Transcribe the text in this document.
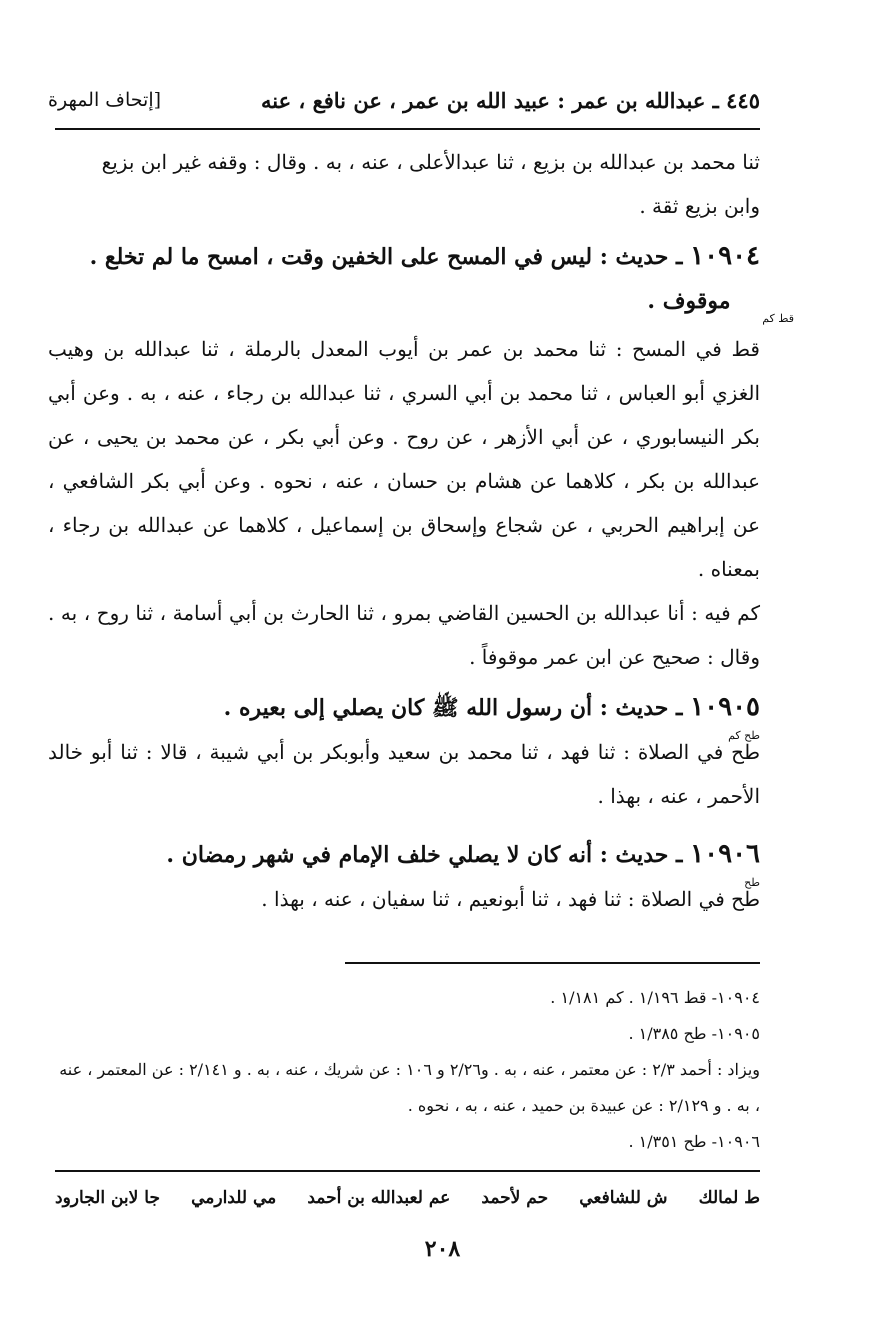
٤٤٥ ـ عبدالله بن عمر : عبيد الله بن عمر ، عن نافع ، عنه
[إتحاف المهرة

ثنا محمد بن عبدالله بن بزيع ، ثنا عبدالأعلى ، عنه ، به . وقال : وقفه غير ابن بزيع
وابن بزيع ثقة .

١٠٩٠٤ ـ حديث : ليس في المسح على الخفين وقت ، امسح ما لم تخلع .
$_{قط كم}$ موقوف .

قط في المسح : ثنا محمد بن عمر بن أيوب المعدل بالرملة ، ثنا عبدالله بن وهيب الغزي أبو العباس ، ثنا محمد بن أبي السري ، ثنا عبدالله بن رجاء ، عنه ، به . وعن أبي بكر النيسابوري ، عن أبي الأزهر ، عن روح . وعن أبي بكر ، عن محمد بن يحيى ، عن عبدالله بن بكر ، كلاهما عن هشام بن حسان ، عنه ، نحوه . وعن أبي بكر الشافعي ، عن إبراهيم الحربي ، عن شجاع وإسحاق بن إسماعيل ، كلاهما عن عبدالله بن رجاء ، بمعناه .

كم فيه : أنا عبدالله بن الحسين القاضي بمرو ، ثنا الحارث بن أبي أسامة ، ثنا روح ، به . وقال : صحيح عن ابن عمر موقوفاً .

١٠٩٠٥ ـ حديث : أن رسول الله ﷺ كان يصلي إلى بعيره .

طح كم
طح في الصلاة : ثنا فهد ، ثنا محمد بن سعيد وأبوبكر بن أبي شيبة ، قالا : ثنا أبو خالد الأحمر ، عنه ، بهذا .

١٠٩٠٦ ـ حديث : أنه كان لا يصلي خلف الإمام في شهر رمضان .

طح
طح في الصلاة : ثنا فهد ، ثنا أبونعيم ، ثنا سفيان ، عنه ، بهذا .

١٠٩٠٤- قط ١/١٩٦ . كم ١/١٨١ .

١٠٩٠٥- طح ١/٣٨٥ .

ويزاد : أحمد ٢/٣ : عن معتمر ، عنه ، به . و٢/٢٦ و ١٠٦ : عن شريك ، عنه ، به . و ٢/١٤١ : عن المعتمر ، عنه ، به . و ٢/١٢٩ : عن عبيدة بن حميد ، عنه ، به ، نحوه .

١٠٩٠٦- طح ١/٣٥١ .

ط لمالك
ش للشافعي
حم لأحمد
عم لعبدالله بن أحمد
مي للدارمي
جا لابن الجارود
٢٠٨
